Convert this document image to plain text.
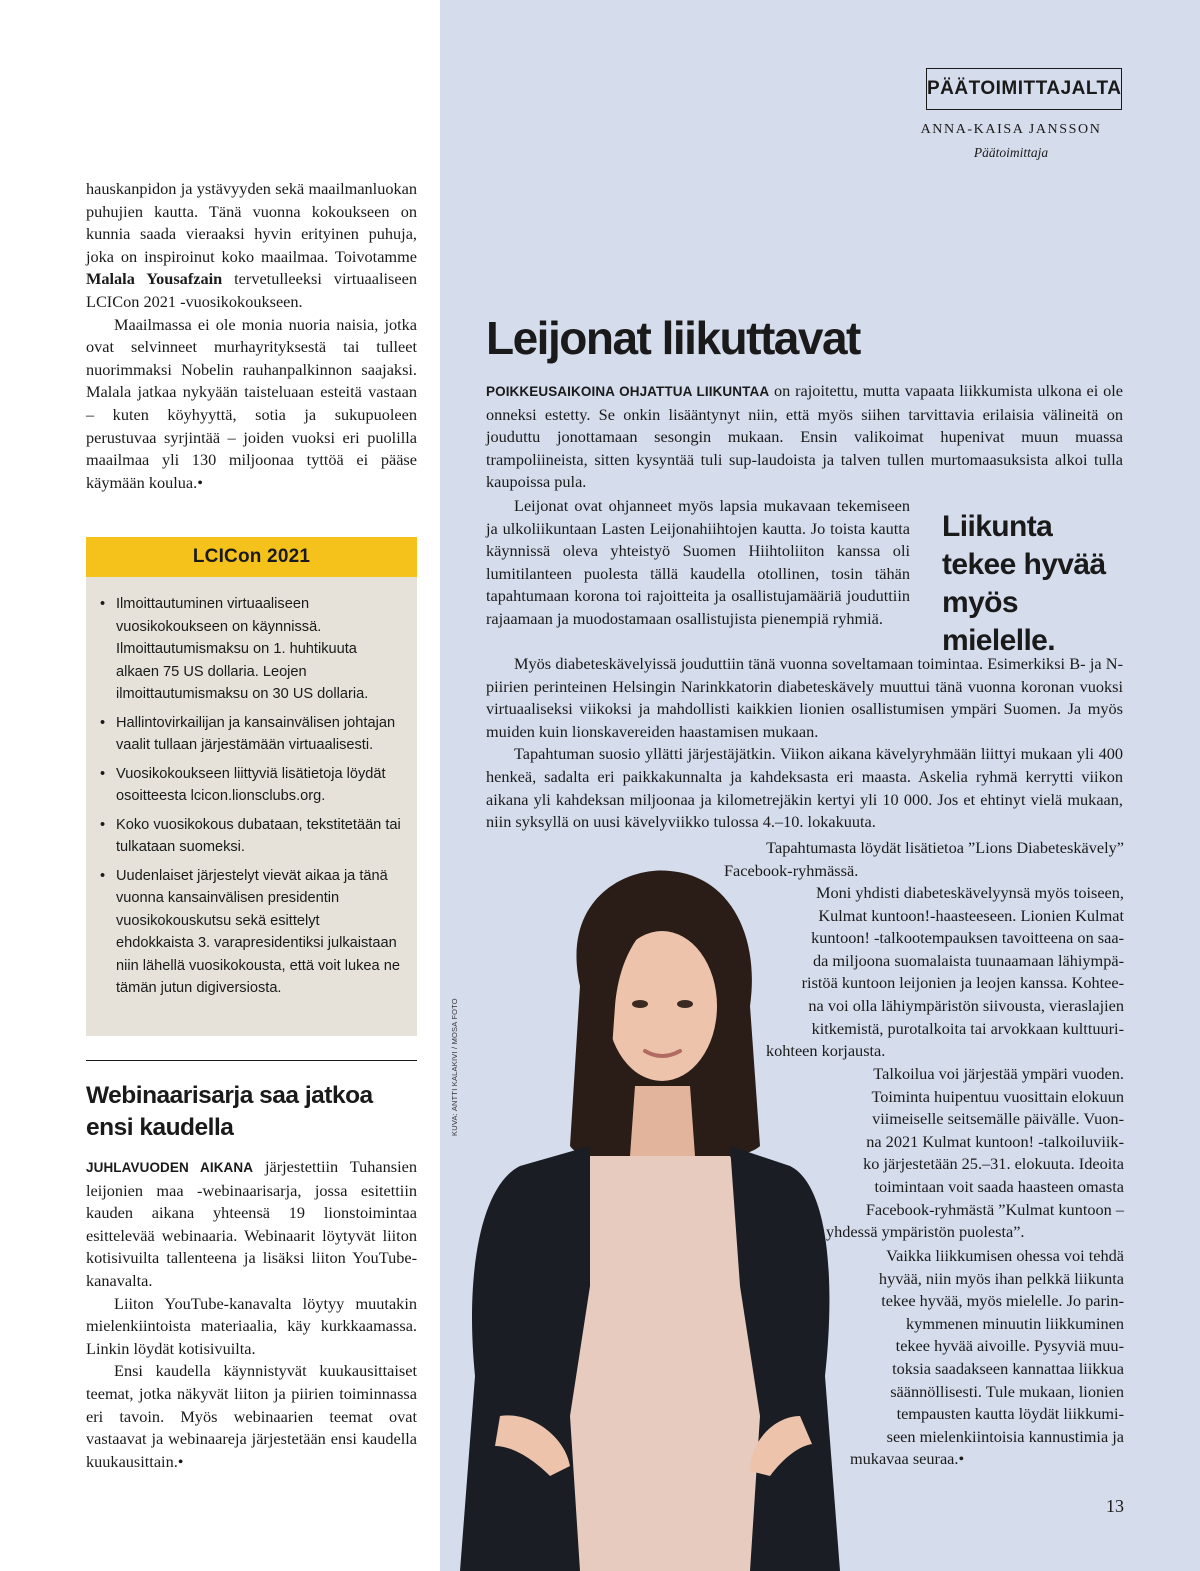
hauskanpidon ja ystävyyden sekä maailmanluokan puhujien kautta. Tänä vuonna kokoukseen on kunnia saada vieraaksi hyvin erityinen puhuja, joka on inspiroinut koko maailmaa. Toivotamme Malala Yousafzain tervetulleeksi virtuaaliseen LCICon 2021 -vuosikokoukseen.

Maailmassa ei ole monia nuoria naisia, jotka ovat selvinneet murhayrityksestä tai tulleet nuorimmaksi Nobelin rauhanpalkinnon saajaksi. Malala jatkaa nykyään taisteluaan esteitä vastaan – kuten köyhyyttä, sotia ja sukupuoleen perustuvaa syrjintää – joiden vuoksi eri puolilla maailmaa yli 130 miljoonaa tyttöä ei pääse käymään koulua.•

LCICon 2021
• Ilmoittautuminen virtuaaliseen vuosikokoukseen on käynnissä. Ilmoittautumismaksu on 1. huhtikuuta alkaen 75 US dollaria. Leojen ilmoittautumismaksu on 30 US dollaria.
• Hallintovirkailijan ja kansainvälisen johtajan vaalit tullaan järjestämään virtuaalisesti.
• Vuosikokoukseen liittyviä lisätietoja löydät osoitteesta lcicon.lionsclubs.org.
• Koko vuosikokous dubataan, tekstitetään tai tulkataan suomeksi.
• Uudenlaiset järjestelyt vievät aikaa ja tänä vuonna kansainvälisen presidentin vuosikokouskutsu sekä esittelyt ehdokkaista 3. varapresidentiksi julkaistaan niin lähellä vuosikokousta, että voit lukea ne tämän jutun digiversiosta.
Webinaarisarja saa jatkoa ensi kaudella

JUHLAVUODEN AIKANA järjestettiin Tuhansien leijonien maa -webinaarisarja, jossa esitettiin kauden aikana yhteensä 19 lionstoimintaa esittelevää webinaaria. Webinaarit löytyvät liiton kotisivuilta tallenteena ja lisäksi liiton YouTube-kanavalta.

Liiton YouTube-kanavalta löytyy muutakin mielenkiintoista materiaalia, käy kurkkaamassa. Linkin löydät kotisivuilta.

Ensi kaudella käynnistyvät kuukausittaiset teemat, jotka näkyvät liiton ja piirien toiminnassa eri tavoin. Myös webinaarien teemat ovat vastaavat ja webinaareja järjestetään ensi kaudella kuukausittain.•

PÄÄTOIMITTAJALTA
ANNA-KAISA JANSSON
Päätoimittaja
Leijonat liikuttavat

POIKKEUSAIKOINA OHJATTUA LIIKUNTAA on rajoitettu, mutta vapaata liikkumista ulkona ei ole onneksi estetty. Se onkin lisääntynyt niin, että myös siihen tarvittavia erilaisia välineitä on jouduttu jonottamaan sesongin mukaan. Ensin valikoimat hupenivat muun muassa trampoliineista, sitten kysyntää tuli sup-laudoista ja talven tullen murtomaasuksista alkoi tulla kaupoissa pula.

Leijonat ovat ohjanneet myös lapsia mukavaan tekemiseen ja ulkoliikuntaan Lasten Leijonahiihtojen kautta. Jo toista kautta käynnissä oleva yhteistyö Suomen Hiihtoliiton kanssa oli lumitilanteen puolesta tällä kaudella otollinen, tosin tähän tapahtumaan korona toi rajoitteita ja osallistujamääriä jouduttiin rajaamaan ja muodostamaan osallistujista pienempiä ryhmiä.

Liikunta tekee hyvää myös mielelle.

Myös diabeteskävelyissä jouduttiin tänä vuonna soveltamaan toimintaa. Esimerkiksi B- ja N-piirien perinteinen Helsingin Narinkkatorin diabeteskävely muuttui tänä vuonna koronan vuoksi virtuaaliseksi viikoksi ja mahdollisti kaikkien lionien osallistumisen ympäri Suomen. Ja myös muiden kuin lionskavereiden haastamisen mukaan.

Tapahtuman suosio yllätti järjestäjätkin. Viikon aikana kävelyryhmään liittyi mukaan yli 400 henkeä, sadalta eri paikkakunnalta ja kahdeksasta eri maasta. Askelia ryhmä kerrytti viikon aikana yli kahdeksan miljoonaa ja kilometrejäkin kertyi yli 10 000. Jos et ehtinyt vielä mukaan, niin syksyllä on uusi kävelyviikko tulossa 4.–10. lokakuuta.

Tapahtumasta löydät lisätietoa ”Lions Diabeteskävely”
Facebook-ryhmässä.
Moni yhdisti diabeteskävelyynsä myös toiseen,
Kulmat kuntoon!-haasteeseen. Lionien Kulmat
kuntoon! -talkootempauksen tavoitteena on saa-
da miljoona suomalaista tuunaamaan lähiympä-
ristöä kuntoon leijonien ja leojen kanssa. Kohtee-
na voi olla lähiympäristön siivousta, vieraslajien
kitkemistä, purotalkoita tai arvokkaan kulttuuri-
kohteen korjausta.
Talkoilua voi järjestää ympäri vuoden.
Toiminta huipentuu vuosittain elokuun
viimeiselle seitsemälle päivälle. Vuon-
na 2021 Kulmat kuntoon! -talkoiluviik-
ko järjestetään 25.–31. elokuuta. Ideoita
toimintaan voit saada haasteen omasta
Facebook-ryhmästä ”Kulmat kuntoon –
yhdessä ympäristön puolesta”.
Vaikka liikkumisen ohessa voi tehdä
hyvää, niin myös ihan pelkkä liikunta
tekee hyvää, myös mielelle. Jo parin-
kymmenen minuutin liikkuminen
tekee hyvää aivoille. Pysyviä muu-
toksia saadakseen kannattaa liikkua
säännöllisesti. Tule mukaan, lionien
tempausten kautta löydät liikkumi-
seen mielenkiintoisia kannustimia ja
mukavaa seuraa.•
KUVA: ANTTI KALAKIVI / MOSA FOTO
13
